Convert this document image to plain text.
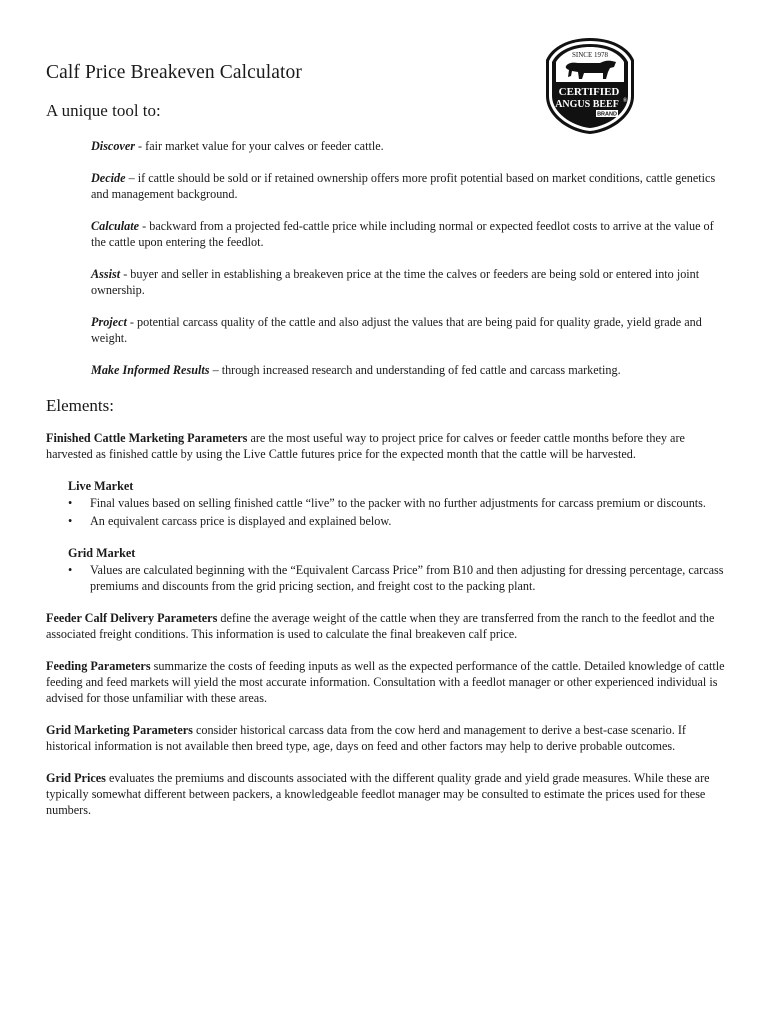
SINCE 1978
CERTIFIED
ANGUS BEEF ®
BRAND
Calf Price Breakeven Calculator
A unique tool to:

Discover - fair market value for your calves or feeder cattle.

Decide – if cattle should be sold or if retained ownership offers more profit potential based on market conditions, cattle genetics and management background.

Calculate - backward from a projected fed-cattle price while including normal or expected feedlot costs to arrive at the value of the cattle upon entering the feedlot.

Assist - buyer and seller in establishing a breakeven price at the time the calves or feeders are being sold or entered into joint ownership.

Project - potential carcass quality of the cattle and also adjust the values that are being paid for quality grade, yield grade and weight.

Make Informed Results – through increased research and understanding of fed cattle and carcass marketing.

Elements:

Finished Cattle Marketing Parameters are the most useful way to project price for calves or feeder cattle months before they are harvested as finished cattle by using the Live Cattle futures price for the expected month that the cattle will be harvested.

Live Market
• Final values based on selling finished cattle “live” to the packer with no further adjustments for carcass premium or discounts.
• An equivalent carcass price is displayed and explained below.
Grid Market
• Values are calculated beginning with the “Equivalent Carcass Price” from B10 and then adjusting for dressing percentage, carcass premiums and discounts from the grid pricing section, and freight cost to the packing plant.

Feeder Calf Delivery Parameters define the average weight of the cattle when they are transferred from the ranch to the feedlot and the associated freight conditions. This information is used to calculate the final breakeven calf price.

Feeding Parameters summarize the costs of feeding inputs as well as the expected performance of the cattle. Detailed knowledge of cattle feeding and feed markets will yield the most accurate information. Consultation with a feedlot manager or other experienced individual is advised for those unfamiliar with these areas.

Grid Marketing Parameters consider historical carcass data from the cow herd and management to derive a best-case scenario. If historical information is not available then breed type, age, days on feed and other factors may help to derive probable outcomes.

Grid Prices evaluates the premiums and discounts associated with the different quality grade and yield grade measures. While these are typically somewhat different between packers, a knowledgeable feedlot manager may be consulted to estimate the prices used for these numbers.
